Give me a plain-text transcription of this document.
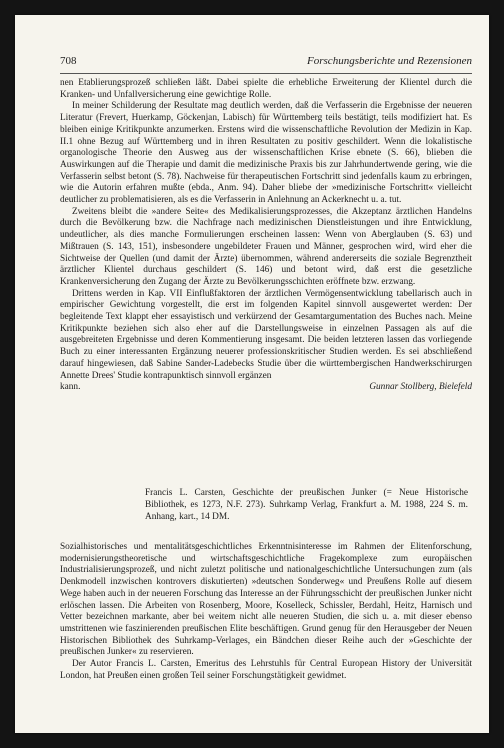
708	Forschungsberichte und Rezensionen

nen Etablierungsprozeß schließen läßt. Dabei spielte die erhebliche Erweiterung der Klientel durch die Kranken- und Unfallversicherung eine gewichtige Rolle.

In meiner Schilderung der Resultate mag deutlich werden, daß die Verfasserin die Ergebnisse der neueren Literatur (Frevert, Huerkamp, Göckenjan, Labisch) für Württemberg teils bestätigt, teils modifiziert hat. Es bleiben einige Kritikpunkte anzumerken. Erstens wird die wissenschaftliche Revolution der Medizin in Kap. II.1 ohne Bezug auf Württemberg und in ihren Resultaten zu positiv geschildert. Wenn die lokalistische organologische Theorie den Ausweg aus der wissenschaftlichen Krise ebnete (S. 66), blieben die Auswirkungen auf die Therapie und damit die medizinische Praxis bis zur Jahrhundertwende gering, wie die Verfasserin selbst betont (S. 78). Nachweise für therapeutischen Fortschritt sind jedenfalls kaum zu erbringen, wie die Autorin erfahren mußte (ebda., Anm. 94). Daher bliebe der »medizinische Fortschritt« vielleicht deutlicher zu problematisieren, als es die Verfasserin in Anlehnung an Ackerknecht u. a. tut.

Zweitens bleibt die »andere Seite« des Medikalisierungsprozesses, die Akzeptanz ärztlichen Handelns durch die Bevölkerung bzw. die Nachfrage nach medizinischen Dienstleistungen und ihre Entwicklung, undeutlicher, als dies manche Formulierungen erscheinen lassen: Wenn von Aberglauben (S. 63) und Mißtrauen (S. 143, 151), insbesondere ungebildeter Frauen und Männer, gesprochen wird, wird eher die Sichtweise der Quellen (und damit der Ärzte) übernommen, während andererseits die soziale Begrenztheit ärztlicher Klientel durchaus geschildert (S. 146) und betont wird, daß erst die gesetzliche Krankenversicherung den Zugang der Ärzte zu Bevölkerungsschichten eröffnete bzw. erzwang.

Drittens werden in Kap. VII Einflußfaktoren der ärztlichen Vermögensentwicklung tabellarisch auch in empirischer Gewichtung vorgestellt, die erst im folgenden Kapitel sinnvoll ausgewertet werden: Der begleitende Text klappt eher essayistisch und verkürzend der Gesamtargumentation des Buches nach. Meine Kritikpunkte beziehen sich also eher auf die Darstellungsweise in einzelnen Passagen als auf die ausgebreiteten Ergebnisse und deren Kommentierung insgesamt. Die beiden letzteren lassen das vorliegende Buch zu einer interessanten Ergänzung neuerer professionskritischer Studien werden. Es sei abschließend darauf hingewiesen, daß Sabine Sander-Ladebecks Studie über die württembergischen Handwerkschirurgen Annette Drees' Studie kontrapunktisch sinnvoll ergänzen

kann.	Gunnar Stollberg, Bielefeld
Francis L. Carsten, Geschichte der preußischen Junker (= Neue Historische Bibliothek, es 1273, N.F. 273). Suhrkamp Verlag, Frankfurt a. M. 1988, 224 S. m. Anhang, kart., 14 DM.

Sozialhistorisches und mentalitätsgeschichtliches Erkenntnisinteresse im Rahmen der Elitenforschung, modernisierungstheoretische und wirtschaftsgeschichtliche Fragekomplexe zum europäischen Industrialisierungsprozeß, und nicht zuletzt politische und nationalgeschichtliche Untersuchungen zum (als Denkmodell inzwischen kontrovers diskutierten) »deutschen Sonderweg« und Preußens Rolle auf diesem Wege haben auch in der neueren Forschung das Interesse an der Führungsschicht der preußischen Junker nicht erlöschen lassen. Die Arbeiten von Rosenberg, Moore, Koselleck, Schissler, Berdahl, Heitz, Harnisch und Vetter bezeichnen markante, aber bei weitem nicht alle neueren Studien, die sich u. a. mit dieser ebenso umstrittenen wie faszinierenden preußischen Elite beschäftigen. Grund genug für den Herausgeber der Neuen Historischen Bibliothek des Suhrkamp-Verlages, ein Bändchen dieser Reihe auch der »Geschichte der preußischen Junker« zu reservieren.

Der Autor Francis L. Carsten, Emeritus des Lehrstuhls für Central European History der Universität London, hat Preußen einen großen Teil seiner Forschungstätigkeit gewidmet.
